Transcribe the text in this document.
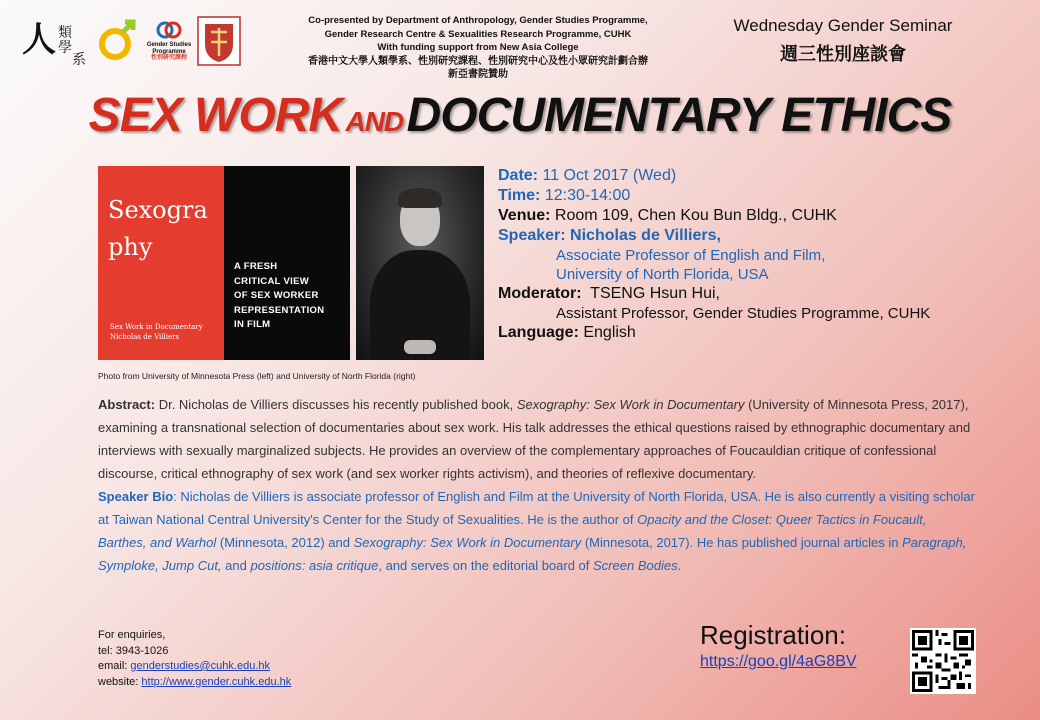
人 類
學
系
Gender Studies
Programme
性別研究課程
Co-presented by Department of Anthropology, Gender Studies Programme,
Gender Research Centre & Sexualities Research Programme, CUHK
With funding support from New Asia College
香港中文大學人類學系、性別研究課程、性別研究中心及性小眾研究計劃合辦
新亞書院贊助
Wednesday Gender Seminar
週三性別座談會
SEX WORK AND DOCUMENTARY ETHICS
Sexogra
phy
Sex Work in Documentary
Nicholas de Villiers
A FRESH
CRITICAL VIEW
OF SEX WORKER
REPRESENTATION
IN FILM
Photo from University of Minnesota Press (left) and University of North Florida (right)
Date: 11 Oct 2017 (Wed)
Time: 12:30-14:00
Venue: Room 109, Chen Kou Bun Bldg., CUHK
Speaker: Nicholas de Villiers,
Associate Professor of English and Film,
University of North Florida, USA
Moderator: TSENG Hsun Hui,
Assistant Professor, Gender Studies Programme, CUHK
Language: English

Abstract: Dr. Nicholas de Villiers discusses his recently published book, Sexography: Sex Work in Documentary (University of Minnesota Press, 2017), examining a transnational selection of documentaries about sex work. His talk addresses the ethical questions raised by ethnographic documentary and interviews with sexually marginalized subjects. He provides an overview of the complementary approaches of Foucauldian critique of confessional discourse, critical ethnography of sex work (and sex worker rights activism), and theories of reflexive documentary.

Speaker Bio: Nicholas de Villiers is associate professor of English and Film at the University of North Florida, USA. He is also currently a visiting scholar at Taiwan National Central University's Center for the Study of Sexualities. He is the author of Opacity and the Closet: Queer Tactics in Foucault, Barthes, and Warhol (Minnesota, 2012) and Sexography: Sex Work in Documentary (Minnesota, 2017). He has published journal articles in Paragraph, Symploke, Jump Cut, and positions: asia critique, and serves on the editorial board of Screen Bodies.

For enquiries,
tel: 3943-1026
email: genderstudies@cuhk.edu.hk
website: http://www.gender.cuhk.edu.hk
Registration:
https://goo.gl/4aG8BV
